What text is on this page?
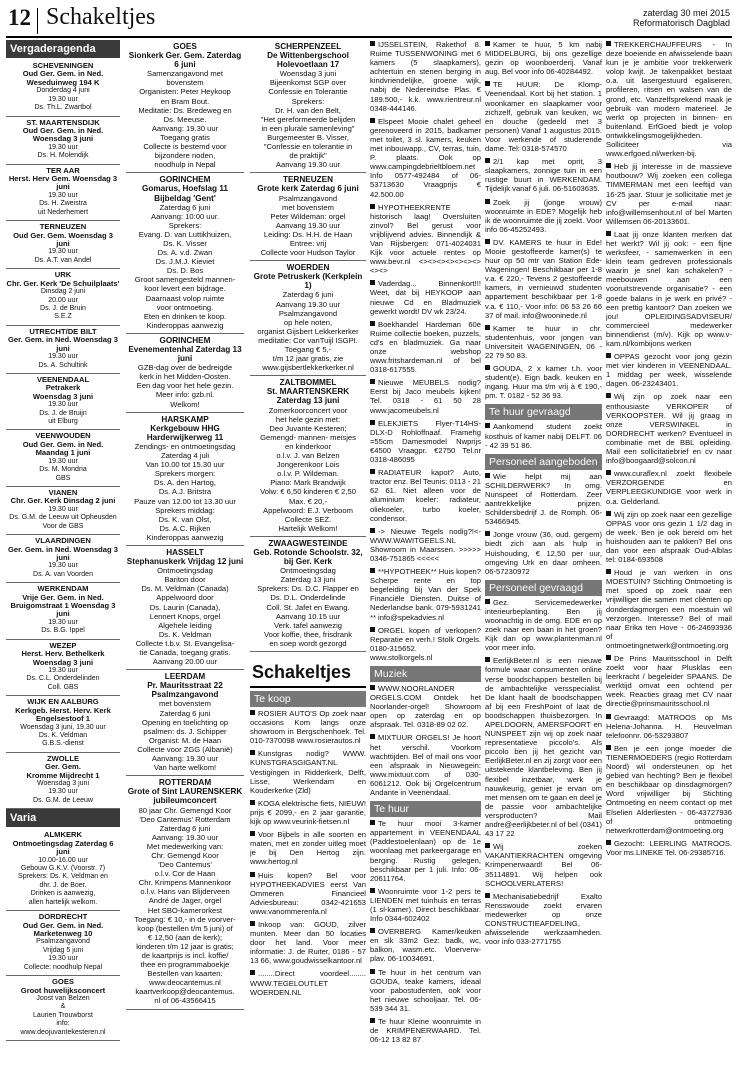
12 Schakeltjes	zaterdag 30 mei 2015
Reformatorisch Dagblad
Vergaderagenda
SCHEVENINGEN
Oud Ger. Gem. in Ned. Weseduinweg 194 K
Donderdag 4 juni
19.30 uur
Ds. Th.L. Zwartbol
ST. MAARTENSDIJK
Oud Ger. Gem. in Ned. Woensdag 3 juni
19.30 uur
Ds. H. Molendijk
TER AAR
Herst. Herv Gem. Woensdag 3 juni
19.30 uur
Ds. H. Zweistra
uit Nederhemert
TERNEUZEN
Oud Ger. Gem. Woensdag 3 juni
19.30 uur
Ds. A.T. van Andel
URK
Chr. Ger. Kerk 'De Schuilplaats'
Dinsdag 2 juni
20.00 uur
Ds. J. de Bruin
S.E.Z
UTRECHT/DE BILT
Ger. Gem. in Ned. Woensdag 3 juni
19.30 uur
Ds. A. Schultink
VEENENDAAL
Petrakerk
Woensdag 3 juni
19.30 uur
Ds. J. de Bruijn
uit Elburg
VEENWOUDEN
Oud Ger. Gem. in Ned. Maandag 1 juni
19.30 uur
Ds. M. Mondria
GBS
VIANEN
Chr. Ger. Kerk Dinsdag 2 juni
19.30 uur
Ds. G.M. de Leeuw uit Opheusden
Voor de GBS
VLAARDINGEN
Ger. Gem. in Ned. Woensdag 3 juni
19.30 uur
Ds. A. van Voorden
WERKENDAM
Vrije Ger. Gem. in Ned. Bruigomstraat 1 Woensdag 3 juni
19.30 uur
Ds. B.G. Ippel
WEZEP
Herst. Herv. Bethelkerk Woensdag 3 juni
19.30 uur
Ds. C.L. Onderdelinden
Coll. GBS
WIJK EN AALBURG
Kerkgeb. Herst. Herv. Kerk Engelsestoof 1
Woensdag 3 juni, 19.30 uur
Ds. K. Veldman
G.B.S.-dienst
ZWOLLE
Ger. Gem.
Kromme Mijdrecht 1
Woensdag 3 juni
19.30 uur
Ds. G.M. de Leeuw
Varia
ALMKERK
Ontmoetingsdag Zaterdag 6 juni
10.00-16.00 uur
Gebouw G.K.V. (Voorstr. 7)
Sprekers: Ds. K. Veldman en
dhr. J. de Boer.
Drinken is aanwezig,
allen hartelijk welkom.
DORDRECHT
Oud Ger. Gem. in Ned. Marketenweg 10
Psalmzangavond
Vrijdag 5 juni
19.30 uur
Collecte: noodhulp Nepal
GOES
Groot huwelijksconcert
Joost van Belzen
&
Laurien Trouwborst
info:
www.deojuvantekesteren.nl
GOES
Sionkerk Ger. Gem. Zaterdag 6 juni
Samenzangavond met
bovenstem
Organisten: Peter Heykoop
en Bram Bout.
Meditatie: Ds. Bredeweg en
Ds. Meeuse.
Aanvang: 19.30 uur
Toegang gratis
Collecte is bestemd voor
bijzondere noden,
noodhulp in Nepal
GORINCHEM
Gomarus, Hoefslag 11 Bijbeldag 'Gent'
Zaterdag 6 juni
Aanvang: 10:00 uur.
Sprekers:
Evang. D. van Luttikhuizen,
Ds. K. Visser
Ds. A. v.d. Zwan
Ds. J.M.J. Kieviet
Ds. D. Bos
Groot samengesteld mannen-
koor levert een bijdrage.
Daarnaast volop ruimte
voor ontmoeting.
Eten en drinken te koop.
Kinderoppas aanwezig
GORINCHEM
Evenementenhal Zaterdag 13 juni
GZB-dag over de bedreigde
kerk in het Midden-Oosten.
Een dag voor het hele gezin.
Meer info: gzb.nl.
Welkom!
HARSKAMP
Kerkgebouw HHG Harderwijkerweg 11
Zendings- en ontmoetingsdag
Zaterdag 4 juli
Van 10.00 tot 15.30 uur
Sprekers morgen:
Ds. A. den Hartog,
Ds. A.J. Britstra
Pauze van 12.00 tot 13.30 uur
Sprekers middag:
Ds. K. van Olst,
Ds. A.C. Rijken
Kinderoppas aanwezig
HASSELT
Stephanuskerk Vrijdag 12 juni
Ontmoetingsdag
Bariton door
Ds. M. Veldman (Canada)
Appelwoord door
Ds. Laurin (Canada),
Lennert Knops, orgel
Algehele leiding
Ds. K. Veldman
Collecte t.b.v. St. Evangelisa-
tie Canada, toegang gratis.
Aanvang 20.00 uur
LEERDAM
Pr. Mauritsstraat 22 Psalmzangavond
met bovenstem
Zaterdag 6 juni
Opening en toelichting op
psalmen: ds. J. Schipper
Organist: M. de Haan
Collecte voor ZGG (Albanië)
Aanvang: 19.30 uur
Van harte welkom!
ROTTERDAM
Grote of Sint LAURENSKERK
jubileumconcert
80 jaar Chr. Gemengd Koor
'Deo Cantemus' Rotterdam
Zaterdag 6 juni
Aanvang: 19.30 uur
Met medewerking van:
Chr. Gemengd Koor
'Deo Cantemus'
o.l.v. Cor de Haan
Chr. Krimpens Mannenkoor
o.l.v. Hans van Blijderveen
André de Jager, orgel
Het SBO-kamerorkest
Toegang: € 10,- in de voorver-
koop (bestellen t/m 5 juni) of
€ 12,50 (aan de kerk);
kinderen t/m 12 jaar is gratis;
de kaartprijs is incl. koffie/
thee en programmaboekje
Bestellen van kaarten:
www.deocantemus.nl
kaartverkoop@deocantemus.
nl of 06-43566415
SCHERPENZEEL
De Wittenbergschool Holevoetlaan 17
Woensdag 3 juni
Bijeenkomst SGP over
Confessie en Tolerantie
Sprekers:
Dr. H. van den Belt,
"Het gereformeerde belijden
in een plurale samenleving"
Burgemeester B. Visser,
"Confessie en tolerantie in
de praktijk"
Aanvang 19.30 uur
TERNEUZEN
Grote kerk Zaterdag 6 juni
Psalmzangavond
met bovenstem
Peter Wildeman: orgel
Aanvang 19.30 uur
Leiding: Ds. H.H. de Haan
Entree: vrij
Collecte voor Hudson Taylor
WOERDEN
Grote Petruskerk (Kerkplein 1)
Zaterdag 6 juni
Aanvang 19.30 uur
Psalmzangavond
op hele noten,
organist Gijsbert Lekkerkerker
meditatie: Cor vanTuijl ISGPI.
Toegang € 5,-
t/m 12 jaar gratis, zie
www.gijsbertlekkerkerker.nl
ZALTBOMMEL
St. MAARTENSKERK Zaterdag 13 juni
Zomerkoorconcert voor
het hele gezin met:
Deo Juvante Kesteren;
Gemengd- mannen- meisjes
en kinderkoor
o.l.v. J. van Belzen
Jongerenkoor Lois
o.l.v. P. Wildeman.
Piano: Mark Brandwijk
Volw: € 6,50 kinderen € 2,50
Max. € 20,-
Appelwoord: E.J. Verboom
Collecte SEZ.
Hartelijk Welkom!
ZWAAGWESTEINDE
Geb. Rotonde Schoolstr. 32, bij Ger. Kerk
Ontmoetingsdag
Zaterdag 13 juni
Sprekers: Ds. D.C. Flapper en
Ds. D.L. Onderdelinde
Coll. St. Jafet en Ewang.
Aanvang 10.15 uur
Verk. tafel aanwezig
Voor koffie, thee, frisdrank
en soep wordt gezorgd
Schakeltjes
Te koop

ROSIER AUTO'S Op zoek naar occasions Kom langs onze showroom in Bergschenhoek. Tel. 010-7370098 www.rosierautos.nl

Kunstgras nodig? WWW. KUNSTGRASGIGANT.NL Vestigingen in Ridderkerk, Delft, Lisse, Werkendam en Kouderkerke (Zld)

KOGA elektrische fiets, NIEUW! prijs € 2099,- en 2 jaar garantie, kijk op www.veurink-fietsen.nl

Voor Bijbels in alle soorten en maten, met en zonder uitleg moet je bij Den Hertog zijn. www.hertog.nl

Huis kopen? Bel voor HYPOTHEEKADVIES eerst Van Ommeren Financieel Adviesbureau: 0342-421653 www.vanommerenfa.nl

Inkoop van: GOUD, zilver munten. Meer dan 50 locaties door het land. Voor meer informatie: J. de Ruiter, 0186 - 57 13 66, www.goudwisselkantoor.nl

........Direct voordeel........ WWW.TEGELOUTLET WOERDEN.NL

IJSSELSTEIN, Rakethof 8. Ruime TUSSENWONING met 6 kamers (5 slaapkamers), achtertuin en stenen berging in kindvriendelijke, groene wijk, nabij de Nedereindse Plas. € 189.500,- k.k. www.rientreur.nl 0348-444146.

Elspeet Mooie chalet geheel gerenoveerd in 2015, badkamer met toilet, 3 sl. kamers, keuken met inbouwapp., CV, terras, tuin, P. plaats. Ook op www.campingdebrieltbloem.net Info 0577-492484 of 06-53713630 Vraagprijs € 42.500.00

HYPOTHEEKRENTE historisch laag! Oversluiten zinvol? Bel gerust voor vrijblijvend advies. Binnendijk & Van Rijsbergen: 071-4024031 Kijk voor actuele rentes op www.bevr.nl <><><><><><><><><>

Vaderdag... Binnenkort!!! Weet, dat bij HEYKOOP aan nieuwe Cd en Bladmuziek gewerkt wordt! DV wk 23/24.

Boekhandel Hardeman 60e Ruime collectie boeken, puzzels, cd's en bladmuziek. Ga naar onze webshop www.fritshardeman.nl of bel 0318-617555.

Nieuwe MEUBELS nodig? Eerst bij Jaco meubels kijken! Tel. 0318 - 61 50 28 www.jacomeubels.nl

ELEKJIETS Flyer-T14HS-DLX-D Rohloffnaaf. Framehg =55cm Damesmodel Nwprijs €4500 Vraagpr. €2750 Tel.nr 0318-486095

RADIATEUR kapot? Auto, tractor enz. Bel Teunis: 0113 - 21 62 61. Niet alleen voor de aluminium koeler: radiateur, oliekoeler, turbo koeler, condensor.

-> Nieuwe Tegels nodig?!<- WWW.WAWITGEELS.NL Showroom in Maarssen. >>>>> 0346-751865 <<<<<

**HYPOTHEEK** Huis kopen? Scherpe rente en top begeleiding bij Van der Spek Financiële Diensten. Duitse of Nederlandse bank. 079-5931241 ** info@spekadvies.nl

ORGEL kopen of verkopen? Reparatie en verh.! Stolk Orgels. 0180-315652. www.stolkorgels.nl

Muziek

WWW.NOORLANDER ORGELS.COM Ontdek het Noorlander-orgel! Showroom open op zaterdag en op afspraak. Tel. 0318-89 02 02.

MIXTUUR ORGELS! Je hoort het verschil. Voorkom wachttijden. Bel of mail ons voor een afspraak in Nieuwegein: www.mixtuur.com of 030-6061212. Ook bij Orgelcentrum Andante in Veenendaal.

Te huur

Te huur mooi 3-kamer appartement in VEENENDAAL (Paddestoelenlaan) op de 1e woonlaag met parkeergarage en berging. Rustig gelegen, beschikbaar per 1 juli. Info: 06-20611764.

Woonruimte voor 1-2 pers te LIENDEN met tuinhuis en terras (1 sl-kamer). Direct beschikbaar. Info 0344-602402

OVERBERG Kamer/keuken en slk 33m2 Gez: badk, wc, balkon, wasm.etc. Vloerverw-plav. 06-10034691.

Te huur in het centrum van GOUDA, teake kamers, ideaal voor pabostudenten, ook voor het nieuwe schooljaar. Tel. 06-539 344 31.

Te huur Kleine woonruimte in de KRIMPENERWAARD. Tel. 06-12 13 82 87

Kamer te huur, 5 km nabij MIDDELBURG, bij ons gezellige gezin op woonboerderij. Vanaf aug. Bel voor info 06-40284492.

TE HUUR: De Klomp-Veenendaal. Kort bij het station. 1 woonkamer en slaapkamer voor zichzelf, gebruik van keuken, wc en douche (gedeeld met 3 personen) Vanaf 1 augustus 2015. Voor werkende of studerende dame. Tel: 0318-574570

2/1 kap met oprit, 3 slaapkamers, zonnige tuin in een rustige buurt in WERKENDAM. Tijdelijk vanaf 6 juli. 06-51603635.

Zoek jij (jonge vrouw) woonruimte in EDE? Mogelijk heb ik de woonruimte die jij zoekt. Voor info 06-45252493.

DV. KAMERS te huur in Ede! Mooie gestoffeerde kamer(s) te huur op 50 mtr van Station Ede-Wageningen! Beschikbaar per 1-8 v.a. € 220,- Tevens 2 gestoffeerde kamers, in vernieuwd studenten appartement beschikbaar per 1-8 v.a. € 110,- Voor info: 06 53 26 66 37 of mail. info@wooninede.nl

Kamer te huur in chr. studentenhuis, voor jongen van Universiteit WAGENINGEN, 06 - 22 79 50 83.

GOUDA, 2 x kamer t.h. voor student(e). Eign badk. keuken en ingang. Huur ma t/m vrij à € 190,- pm. T. 0182 - 52 36 93.

Te huur gevraagd

Aankomend student zoekt kosthuis of kamer nabij DELFT. 06 - 42 39 51 86.

Personeel aangeboden

Wie helpt mij aan SCHILDERWERK? In omg. Nunspeet of Rotterdam. Zeer aantrekkelijke prijzen. Schildersbedrijf J. de Romph. 06-53466945.

Jonge vrouw (36, oud. gergem) biedt zich aan als hulp in Huishouding, € 12,50 per uur, omgeving Urk en daar omheen. 06-57230972

Personeel gevraagd

Gez. Servicemedewerker interieurbeplanting. Ben jij woonachtig in de omg. EDE en op zoek naar een baan in het groen? Kijk dan op www.plantenman.nl voor meer info.

EerlijkBeter.nl is een nieuwe formule waar consumenten online verse boodschappen bestellen bij de ambachtelijke versspecialist. De klant haalt de boodschappen af bij een FreshPoint of laat de boodschappen thuisbezorgen. In APELDOORN, AMERSFOORT en NUNSPEET zijn wij op zoek naar representatieve piccolo's. Als piccolo ben jij het gezicht van EerlijkBeter.nl en zij zorgt voor een uitstekende klantbeleving. Ben jij flexibel inzetbaar, werk je nauwkeurig, geniet je ervan om met mensen om te gaan en deel je de passie voor ambachtelijke versproducten? Mail andre@eerlijkbeter.nl of bel (0341) 43 17 22

Wij zoeken VAKANTIEKRACHTEN omgeving Krimpenerwaard! Bel 06- 35114891. Wij helpen ook SCHOOLVERLATERS!

Mechanisatiebedrijf Exalto Rensswoude zoekt ervaren medewerker op onze CONSTRUCTIEAFDELING, afwisselende werkzaamheden. voor info 033-2771755

TREKKERCHAUFFEURS - In deze boeiende en afwisselende baan kun je je ambitie voor trekkerwerk volop kwijt. Je takenpakket bestaat o.a. uit lasergestuurd egaliseren, profileren, ritsen en walsen van de grond, etc. Vanzelfsprekend maak je gebruik van modern materieel. Je werkt op projecten in binnen- en buitenland. ErfGoed biedt je volop ontwikkelingsmogelijkheden. Solliciteer via www.erfgoed.nl/werken-bij.

Heb jij interesse in de massieve houtbouw? Wij zoeken een collega TIMMERMAN met een leeftijd van 16-25 jaar. Stuur je sollicitatie met je CV per e-mail naar: info@willemsenhout.nl of bel Marten Willemsen 06-20133601.

Laat jij onze klanten merken dat het werkt? Wil jij ook: - een fijne werksfeer, - samenwerken in een klein team gedreven professionals waarin je snel kan schakelen? - meebouwen aan een vooruitstrevende organisatie? - een goede balans in je werk en privé? - een prettig kantoor? Dan zoeken we jou! OPLEIDINGSADVISEUR/ commercieel medewerker binnendienst (m/v). Kijk op www.v-kam.nl/kombijons werken

OPPAS gezocht voor jong gezin met vier kinderen in VEENENDAAL. 1 middag per week, wisselende dagen. 06-23243401.

Wij zijn op zoek naar een enthousiaste VERKOPER of VERKOOPSTER. Wil jij graag in onze VERSWINKEL in DORDRECHT werken? Eventueel in combinatie met de BBL opleiding. Mail een sollicitatiebrief en cv naar info@boogaard@solcon.nl

www.curaflex.nl zoekt flexibele VERZORGENDE en VERPLEEGKUNDIGE voor werk in o.a. Gelderland.

Wij zijn op zoek naar een gezellige OPPAS voor ons gezin 1 1/2 dag in de week. Ben je ook bereid om het huishouden aan te pakken? Bel ons dan voor een afspraak Oud-Alblas tel: 0184-693508

Houd je van werken in ons MOESTUIN? Stichting Ontmoeting is met spoed op zoek naar een vrijwilliger die samen met cliënten op donderdagmorgen een moestuin wil verzorgen. Interesse? Bel of mail naar Erika ten Hove - 06-24693936 of ontmoetingnetwerk@ontmoeting.org

De Prins Mauritsschool in Delft zoekt voor haar Plusklas een leerkracht / begeleider SPAANS. De werktijd omvat een ochtend per week. Reacties graag met CV naar directie@prinsmauritsschool.nl

Gevraagd: MATROOS op Ms Helena-Johanna. H. Heuvelman telefoonnr. 06-53293807

Ben je een jonge moeder die TIENERMOEDERS (regio Rotterdam Noord) wil ondersteunen op het gebied van hechting? Ben je flexibel en beschikbaar op dinsdagmorgen? Word vrijwilliger bij Stichting Ontmoeting en neem contact op met Elselien Alderliesten - 06-43727936 of ontmoeting netwerkrotterdam@ontmoeting.org

Gezocht: LEERLING MATROOS. Voor ms.LINEKE Tel. 06-29385716.
